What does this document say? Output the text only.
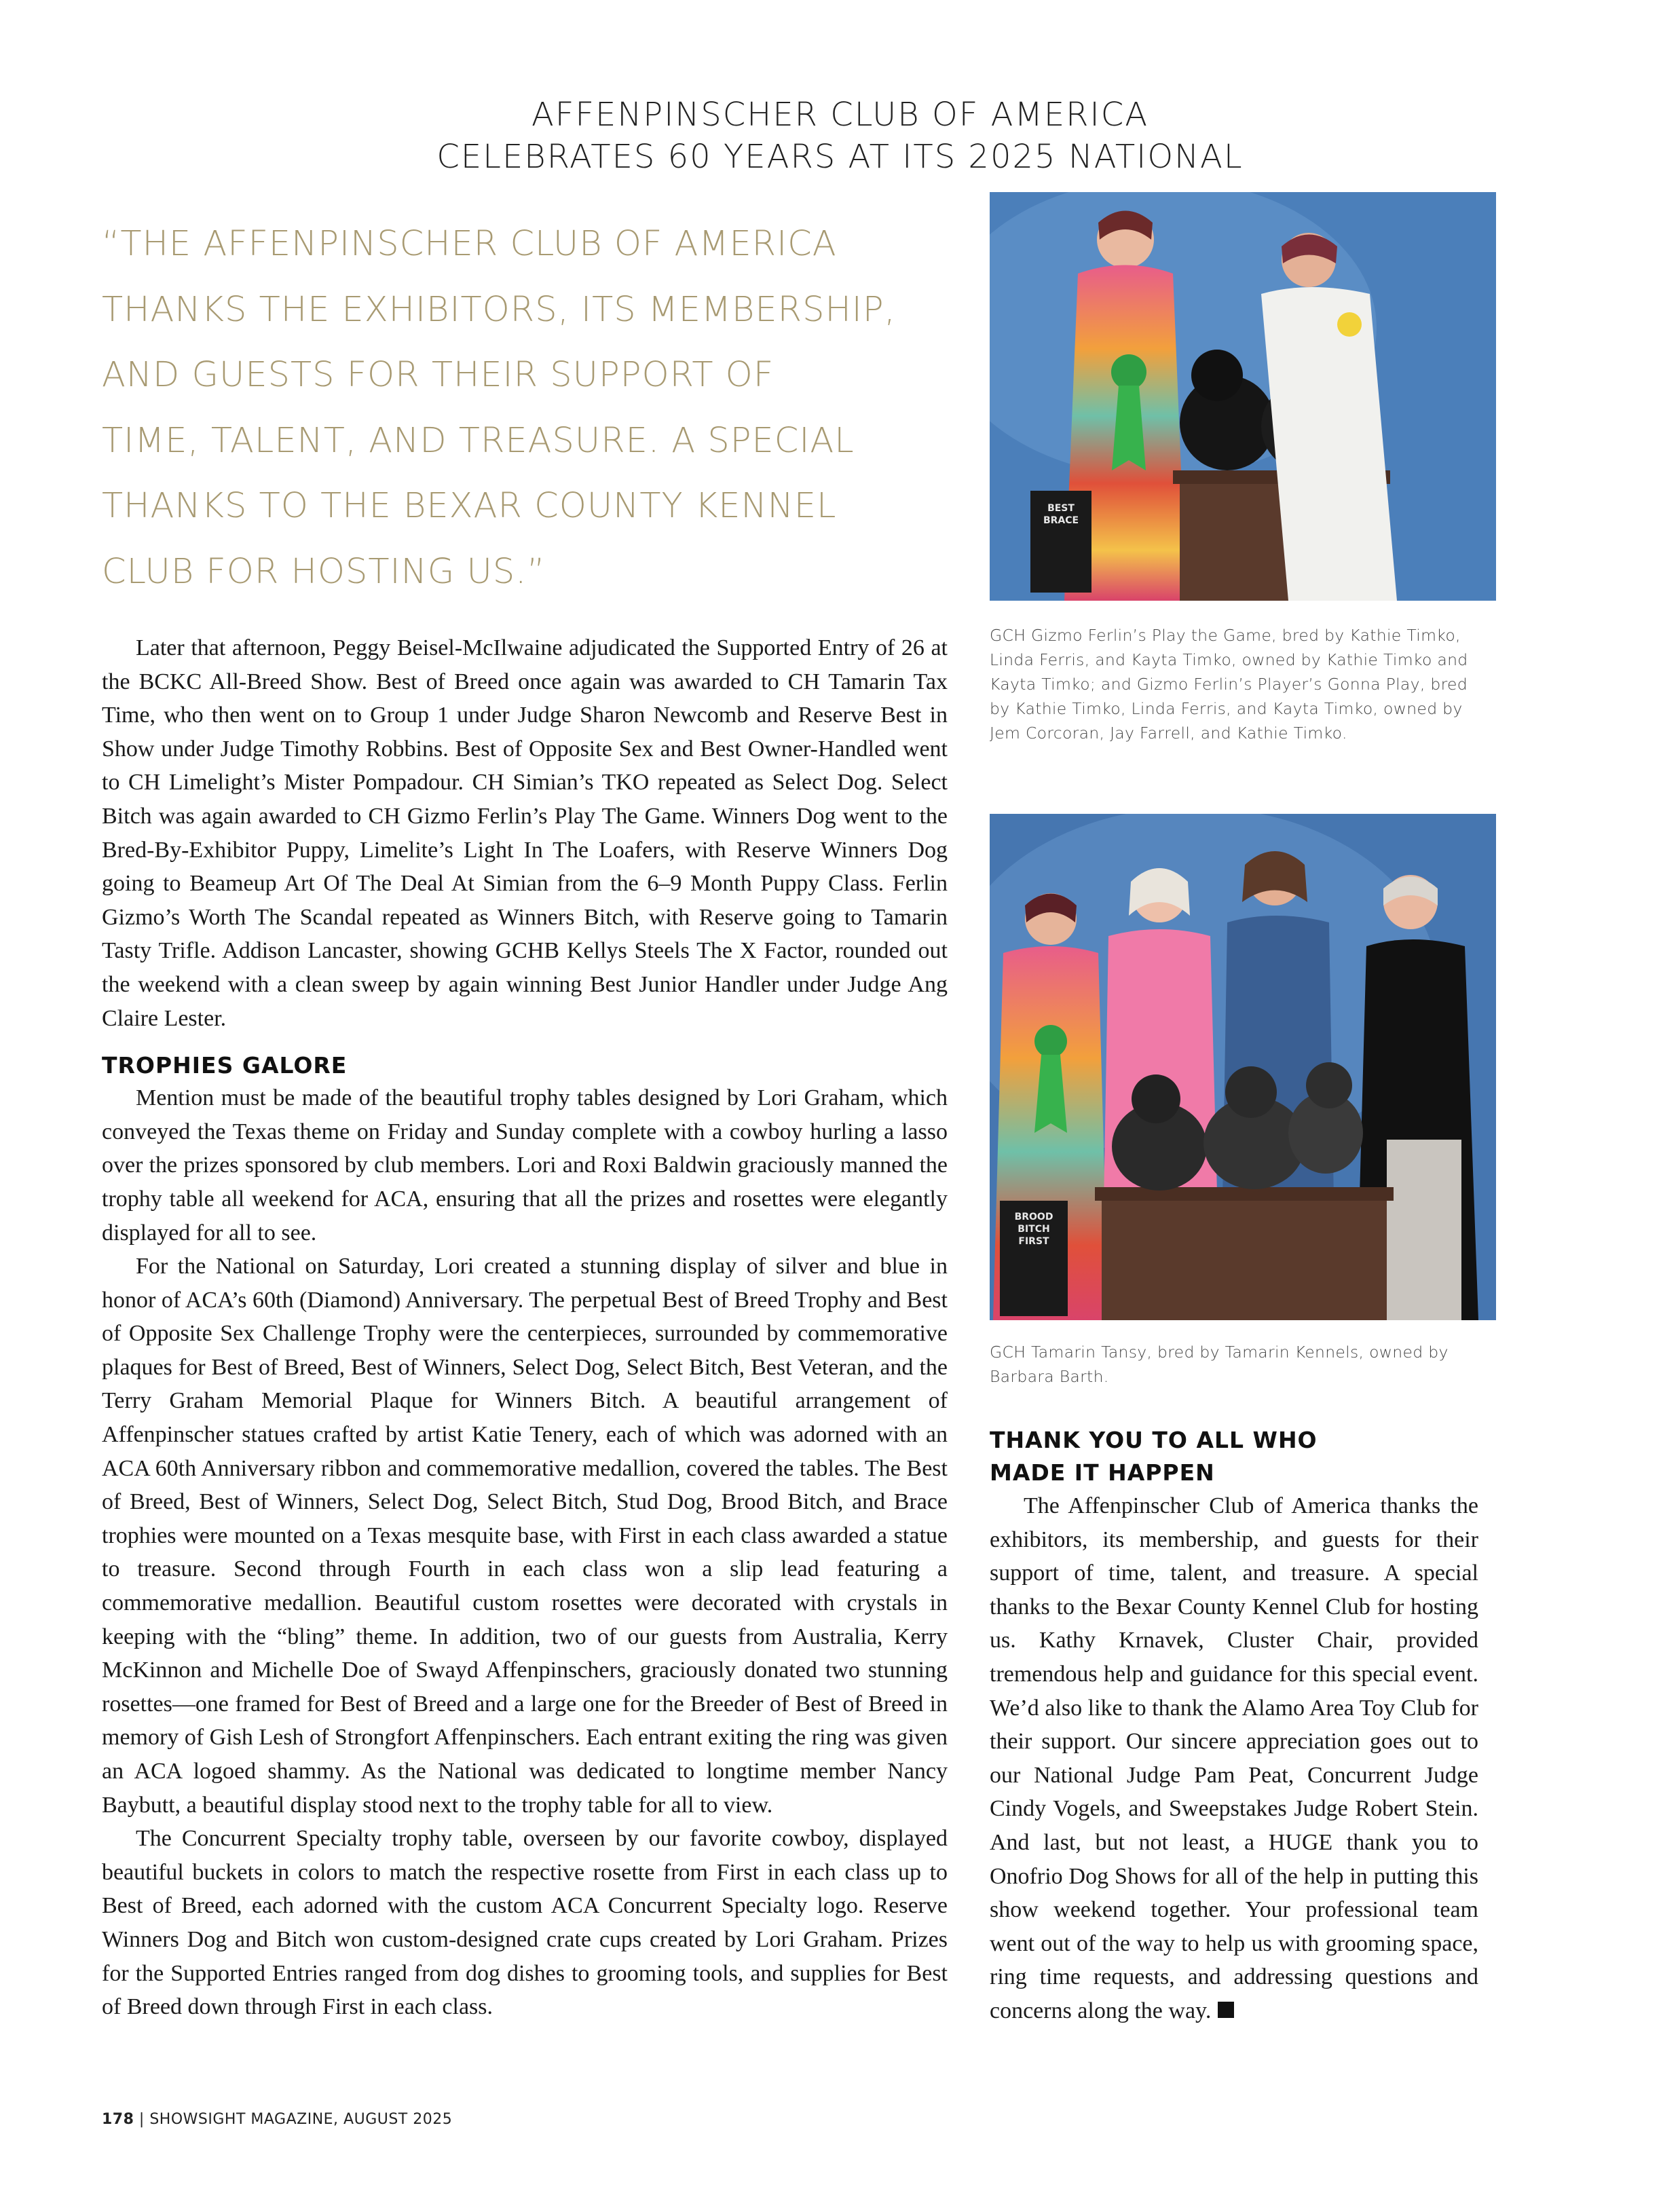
AFFENPINSCHER CLUB OF AMERICA
CELEBRATES 60 YEARS AT ITS 2025 NATIONAL
“THE AFFENPINSCHER CLUB OF AMERICA
THANKS THE EXHIBITORS, ITS MEMBERSHIP,
AND GUESTS FOR THEIR SUPPORT OF
TIME, TALENT, AND TREASURE. A SPECIAL
THANKS TO THE BEXAR COUNTY KENNEL
CLUB FOR HOSTING US.”

Later that afternoon, Peggy Beisel-McIlwaine adjudicated the Supported Entry of 26 at the BCKC All-Breed Show. Best of Breed once again was awarded to CH Tamarin Tax Time, who then went on to Group 1 under Judge Sharon Newcomb and Reserve Best in Show under Judge Timothy Robbins. Best of Opposite Sex and Best Owner-Handled went to CH Limelight’s Mister Pompadour. CH Simian’s TKO repeated as Select Dog. Select Bitch was again awarded to CH Gizmo Ferlin’s Play The Game. Winners Dog went to the Bred-By-Exhibitor Puppy, Limelite’s Light In The Loafers, with Reserve Winners Dog going to Beameup Art Of The Deal At Simian from the 6–9 Month Puppy Class. Ferlin Gizmo’s Worth The Scandal repeated as Winners Bitch, with Reserve going to Tamarin Tasty Trifle. Addison Lancaster, showing GCHB Kellys Steels The X Factor, rounded out the weekend with a clean sweep by again winning Best Junior Handler under Judge Ang Claire Lester.

TROPHIES GALORE

Mention must be made of the beautiful trophy tables designed by Lori Graham, which conveyed the Texas theme on Friday and Sunday complete with a cowboy hurling a lasso over the prizes sponsored by club members. Lori and Roxi Baldwin graciously manned the trophy table all weekend for ACA, ensuring that all the prizes and rosettes were elegantly displayed for all to see.

For the National on Saturday, Lori created a stunning display of silver and blue in honor of ACA’s 60th (Diamond) Anniversary. The perpetual Best of Breed Trophy and Best of Opposite Sex Challenge Trophy were the centerpieces, surrounded by commemorative plaques for Best of Breed, Best of Winners, Select Dog, Select Bitch, Best Veteran, and the Terry Graham Memorial Plaque for Winners Bitch. A beautiful arrangement of Affenpinscher statues crafted by artist Katie Tenery, each of which was adorned with an ACA 60th Anniversary ribbon and commemorative medallion, covered the tables. The Best of Breed, Best of Winners, Select Dog, Select Bitch, Stud Dog, Brood Bitch, and Brace trophies were mounted on a Texas mesquite base, with First in each class awarded a statue to treasure. Second through Fourth in each class won a slip lead featuring a commemorative medallion. Beautiful custom rosettes were decorated with crystals in keeping with the “bling” theme. In addition, two of our guests from Australia, Kerry McKinnon and Michelle Doe of Swayd Affenpinschers, graciously donated two stunning rosettes—one framed for Best of Breed and a large one for the Breeder of Best of Breed in memory of Gish Lesh of Strongfort Affenpinschers. Each entrant exiting the ring was given an ACA logoed shammy. As the National was dedicated to longtime member Nancy Baybutt, a beautiful display stood next to the trophy table for all to view.

The Concurrent Specialty trophy table, overseen by our favorite cowboy, displayed beautiful buckets in colors to match the respective rosette from First in each class up to Best of Breed, each adorned with the custom ACA Concurrent Specialty logo. Reserve Winners Dog and Bitch won custom-designed crate cups created by Lori Graham. Prizes for the Supported Entries ranged from dog dishes to grooming tools, and supplies for Best of Breed down through First in each class.

BEST
BRACE
GCH Gizmo Ferlin’s Play the Game, bred by Kathie Timko, Linda Ferris, and Kayta Timko, owned by Kathie Timko and Kayta Timko; and Gizmo Ferlin’s Player’s Gonna Play, bred by Kathie Timko, Linda Ferris, and Kayta Timko, owned by Jem Corcoran, Jay Farrell, and Kathie Timko.
BROOD
BITCH
FIRST
GCH Tamarin Tansy, bred by Tamarin Kennels, owned by Barbara Barth.
THANK YOU TO ALL WHO
MADE IT HAPPEN

The Affenpinscher Club of America thanks the exhibitors, its membership, and guests for their support of time, talent, and treasure. A special thanks to the Bexar County Kennel Club for hosting us. Kathy Krnavek, Cluster Chair, provided tremendous help and guidance for this special event. We’d also like to thank the Alamo Area Toy Club for their support. Our sincere appreciation goes out to our National Judge Pam Peat, Concurrent Judge Cindy Vogels, and Sweepstakes Judge Robert Stein. And last, but not least, a HUGE thank you to Onofrio Dog Shows for all of the help in putting this show weekend together. Your professional team went out of the way to help us with grooming space, ring time requests, and addressing questions and concerns along the way.

178 | SHOWSIGHT MAGAZINE, AUGUST 2025
